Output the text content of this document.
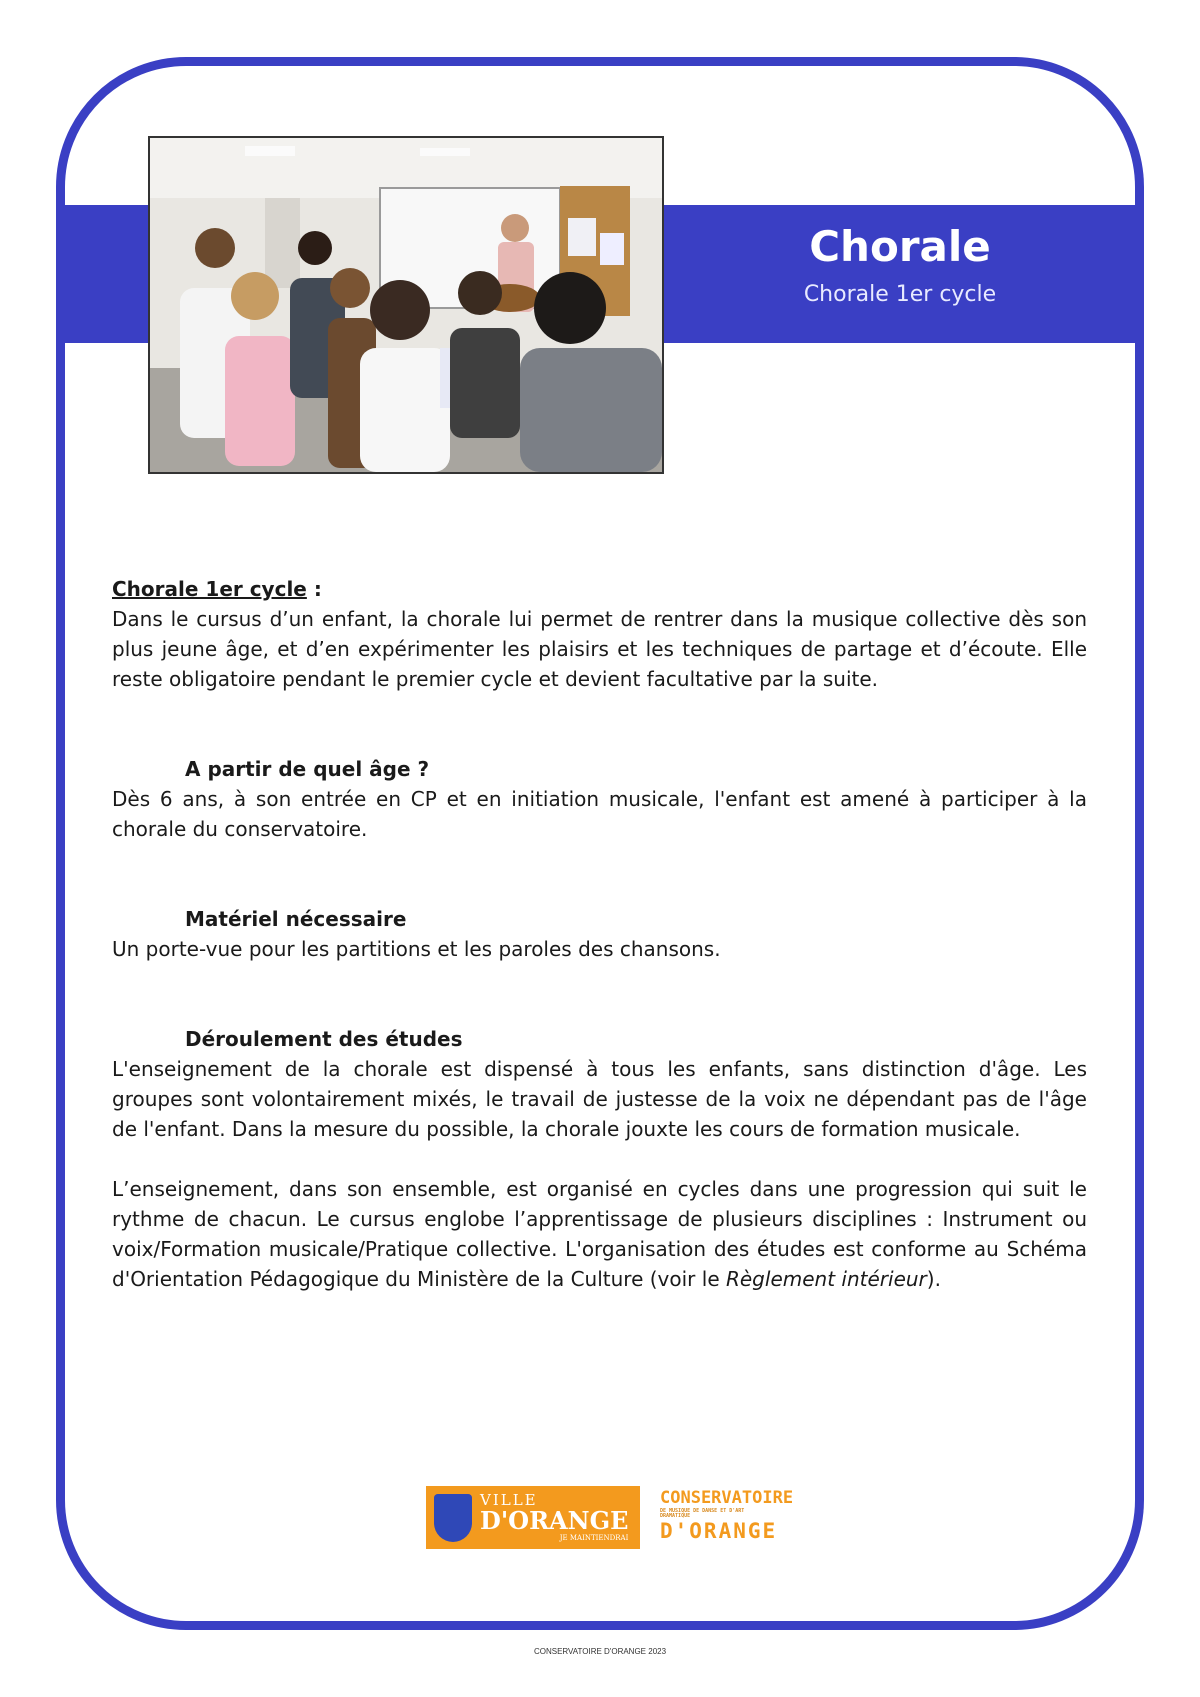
Chorale
Chorale 1er cycle

Chorale 1er cycle :

Dans le cursus d’un enfant, la chorale lui permet de rentrer dans la musique collective dès son plus jeune âge, et d’en expérimenter les plaisirs et les techniques de partage et d’écoute. Elle reste obligatoire pendant le premier cycle et devient facultative par la suite.

A partir de quel âge ?

Dès 6 ans, à son entrée en CP et en initiation musicale, l'enfant est amené à participer à la chorale du conservatoire.

Matériel nécessaire

Un porte-vue pour les partitions et les paroles des chansons.

Déroulement des études

L'enseignement de la chorale est dispensé à tous les enfants, sans distinction d'âge. Les groupes sont volontairement mixés, le travail de justesse de la voix ne dépendant pas de l'âge de l'enfant. Dans la mesure du possible, la chorale jouxte les cours de formation musicale.

L’enseignement, dans son ensemble, est organisé en cycles dans une progression qui suit le rythme de chacun. Le cursus englobe l’apprentissage de plusieurs disciplines : Instrument ou voix/Formation musicale/Pratique collective. L'organisation des études est conforme au Schéma d'Orientation Pédagogique du Ministère de la Culture (voir le Règlement intérieur).

VILLE
D'ORANGE
JE MAINTIENDRAI
CONSERVATOIRE
DE MUSIQUE DE DANSE ET D'ART DRAMATIQUE
D'ORANGE
CONSERVATOIRE D'ORANGE 2023
